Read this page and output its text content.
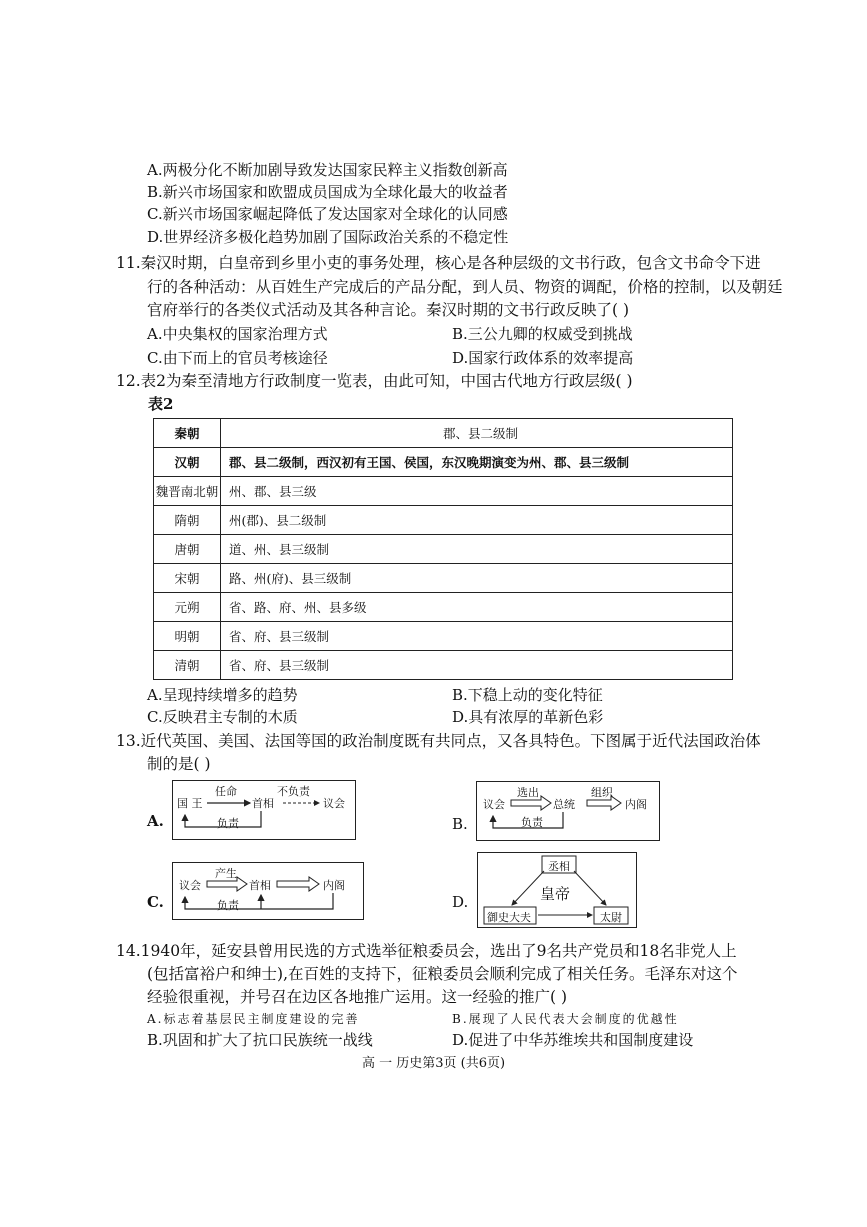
A.两极分化不断加剧导致发达国家民粹主义指数创新高
B.新兴市场国家和欧盟成员国成为全球化最大的收益者
C.新兴市场国家崛起降低了发达国家对全球化的认同感
D.世界经济多极化趋势加剧了国际政治关系的不稳定性
11.秦汉时期，白皇帝到乡里小吏的事务处理，核心是各种层级的文书行政，包含文书命令下进
行的各种活动：从百姓生产完成后的产品分配，到人员、物资的调配，价格的控制，以及朝廷
官府举行的各类仪式活动及其各种言论。秦汉时期的文书行政反映了( )
A.中央集权的国家治理方式	B.三公九卿的权威受到挑战
C.由下而上的官员考核途径	D.国家行政体系的效率提高
12.表2为秦至清地方行政制度一览表，由此可知，中国古代地方行政层级( )
表2
秦朝	郡、县二级制
汉朝	郡、县二级制，西汉初有王国、侯国，东汉晚期演变为州、郡、县三级制
魏晋南北朝	州、郡、县三级
隋朝	州(郡)、县二级制
唐朝	道、州、县三级制
宋朝	路、州(府)、县三级制
元朔	省、路、府、州、县多级
明朝	省、府、县三级制
清朝	省、府、县三级制
A.呈现持续增多的趋势	B.下稳上动的变化特征
C.反映君主专制的木质	D.具有浓厚的革新色彩
13.近代英国、美国、法国等国的政治制度既有共同点，又各具特色。下图属于近代法国政治体
制的是( )
A.
国 王
任命
首相
不负责
议会
负责	B.
议会
选出
总统
组织
内阁
负责
C.
议会
产生
首相	内阁
负责	D.
丞相
皇帝
御史大夫	太尉
14.1940年，延安县曾用民选的方式选举征粮委员会，选出了9名共产党员和18名非党人上
(包括富裕户和绅士),在百姓的支持下，征粮委员会顺利完成了相关任务。毛泽东对这个
经验很重视，并号召在边区各地推广运用。这一经验的推广( )
A.标志着基层民主制度建设的完善	B.展现了人民代表大会制度的优越性
B.巩固和扩大了抗口民族统一战线	D.促进了中华苏维埃共和国制度建设
高 一 历史第3页 (共6页)
